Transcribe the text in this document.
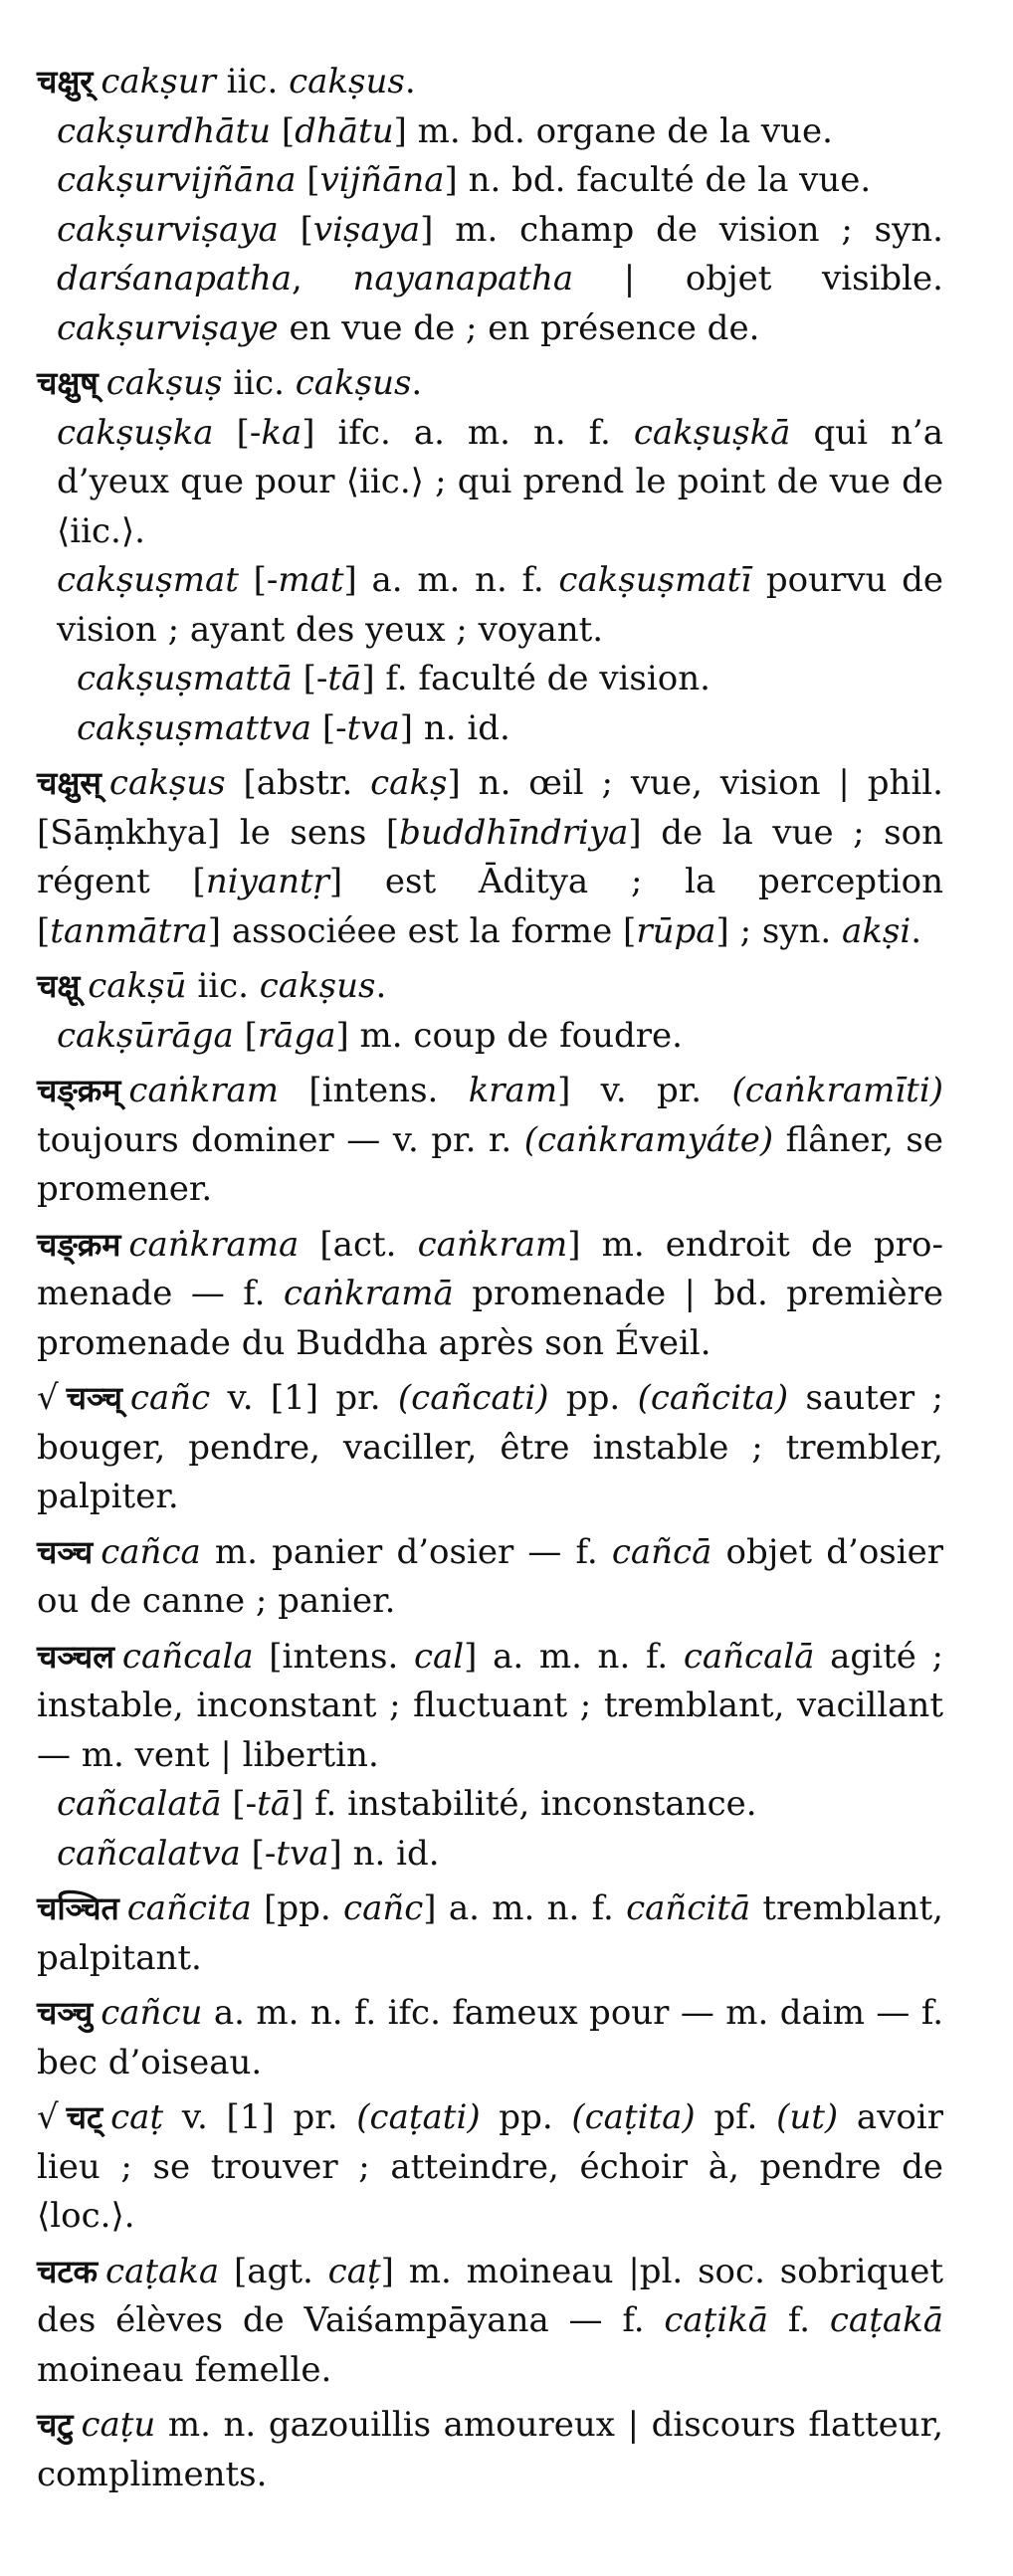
चक्षुर् cakṣur iic. cakṣus.
cakṣurdhātu [dhātu] m. bd. organe de la vue.
cakṣurvijñāna [vijñāna] n. bd. faculté de la vue.
cakṣurviṣaya [viṣaya] m. champ de vision ; syn. darśanapatha, nayanapatha | objet visible. cakṣurviṣaye en vue de ; en présence de.
चक्षुष् cakṣuṣ iic. cakṣus.
cakṣuṣka [-ka] ifc. a. m. n. f. cakṣuṣkā qui n’a d’yeux que pour ⟨iic.⟩ ; qui prend le point de vue de ⟨iic.⟩.
cakṣuṣmat [-mat] a. m. n. f. cakṣuṣmatī pourvu de vision ; ayant des yeux ; voyant.
cakṣuṣmattā [-tā] f. faculté de vision.
cakṣuṣmattva [-tva] n. id.
चक्षुस् cakṣus [abstr. cakṣ] n. œil ; vue, vision | phil. [Sāṃkhya] le sens [buddhīndriya] de la vue ; son régent [niyantṛ] est Āditya ; la perception [tanmātra] associéee est la forme [rūpa] ; syn. akṣi.
चक्षू cakṣū iic. cakṣus.
cakṣūrāga [rāga] m. coup de foudre.
चङ्क्रम् caṅkram [intens. kram] v. pr. (caṅkramīti) toujours dominer — v. pr. r. (caṅkramyáte) flâner, se promener.
चङ्क्रम caṅkrama [act. caṅkram] m. endroit de promenade — f. caṅkramā promenade | bd. première promenade du Buddha après son Éveil.
√ चञ्च् cañc v. [1] pr. (cañcati) pp. (cañcita) sauter ; bouger, pendre, vaciller, être instable ; trembler, palpiter.
चञ्च cañca m. panier d’osier — f. cañcā objet d’osier ou de canne ; panier.
चञ्चल cañcala [intens. cal] a. m. n. f. cañcalā agité ; instable, inconstant ; fluctuant ; tremblant, vacillant — m. vent | libertin.
cañcalatā [-tā] f. instabilité, inconstance.
cañcalatva [-tva] n. id.
चञ्चित cañcita [pp. cañc] a. m. n. f. cañcitā tremblant, palpitant.
चञ्चु cañcu a. m. n. f. ifc. fameux pour — m. daim — f. bec d’oiseau.
√ चट् caṭ v. [1] pr. (caṭati) pp. (caṭita) pf. (ut) avoir lieu ; se trouver ; atteindre, échoir à, pendre de ⟨loc.⟩.
चटक caṭaka [agt. caṭ] m. moineau |pl. soc. sobriquet des élèves de Vaiśampāyana — f. caṭikā f. caṭakā moineau femelle.
चटु caṭu m. n. gazouillis amoureux | discours flatteur, compliments.
